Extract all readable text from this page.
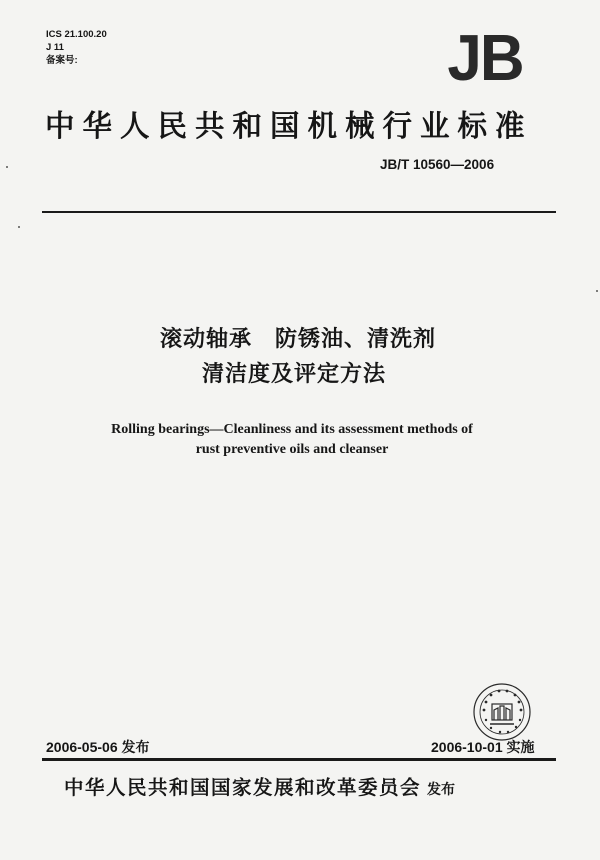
ICS 21.100.20
J 11
备案号:	JB
中华人民共和国机械行业标准
JB/T 10560—2006
滚动轴承　防锈油、清洗剂
清洁度及评定方法
Rolling bearings—Cleanliness and its assessment methods of
rust preventive oils and cleanser
2006-05-06 发布	2006-10-01 实施
中华人民共和国国家发展和改革委员会 发布
